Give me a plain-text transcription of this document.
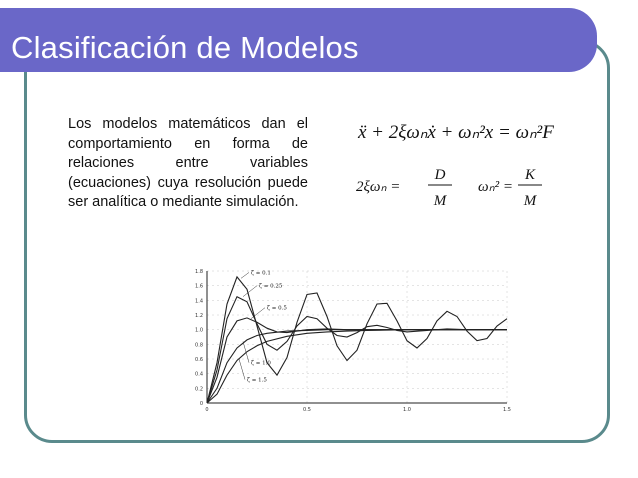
Clasificación de Modelos

Los modelos matemáticos dan el comportamiento en forma de relaciones entre variables (ecuaciones) cuya resolución puede ser analítica o mediante simulación.

ẍ + 2ξωₙẋ + ωₙ²x = ωₙ²F
2ξωₙ =
D
M
ωₙ² =
K
M
0
0.2
0.4
0.6
0.8
1.0
1.2
1.4
1.6
1.8
0	0.5	1.0	1.5
ζ = 0.1
ζ = 0.25
ζ = 0.5
ζ = 1.0
ζ = 1.5
